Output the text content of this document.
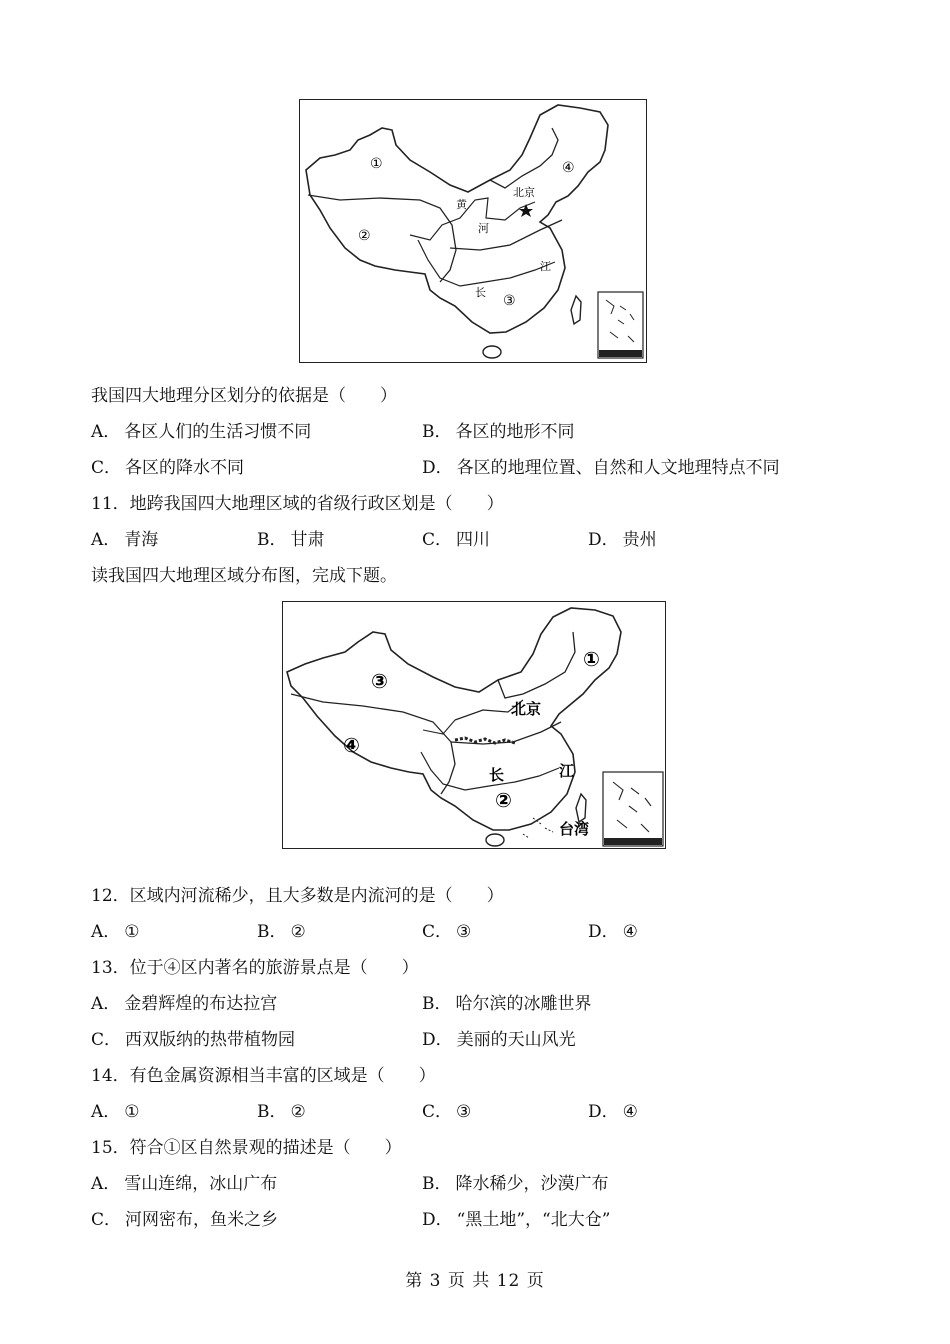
①
②
③
④
北京
黄
河
长
江
我国四大地理分区划分的依据是（　　）
A． 各区人们的生活习惯不同	B． 各区的地形不同
C． 各区的降水不同	D． 各区的地理位置、自然和人文地理特点不同
11．地跨我国四大地理区域的省级行政区划是（　　）
A． 青海	B． 甘肃	C． 四川	D． 贵州
读我国四大地理区域分布图，完成下题。
①
②
③
④
北京
长	江
台湾
12．区域内河流稀少，且大多数是内流河的是（　　）
A． ①	B． ②	C． ③	D． ④
13．位于④区内著名的旅游景点是（　　）
A． 金碧辉煌的布达拉宫	B． 哈尔滨的冰雕世界
C． 西双版纳的热带植物园	D． 美丽的天山风光
14．有色金属资源相当丰富的区域是（　　）
A． ①	B． ②	C． ③	D． ④
15．符合①区自然景观的描述是（　　）
A． 雪山连绵，冰山广布	B． 降水稀少，沙漠广布
C． 河网密布，鱼米之乡	D． “黑土地”，“北大仓”
第 3 页 共 12 页
